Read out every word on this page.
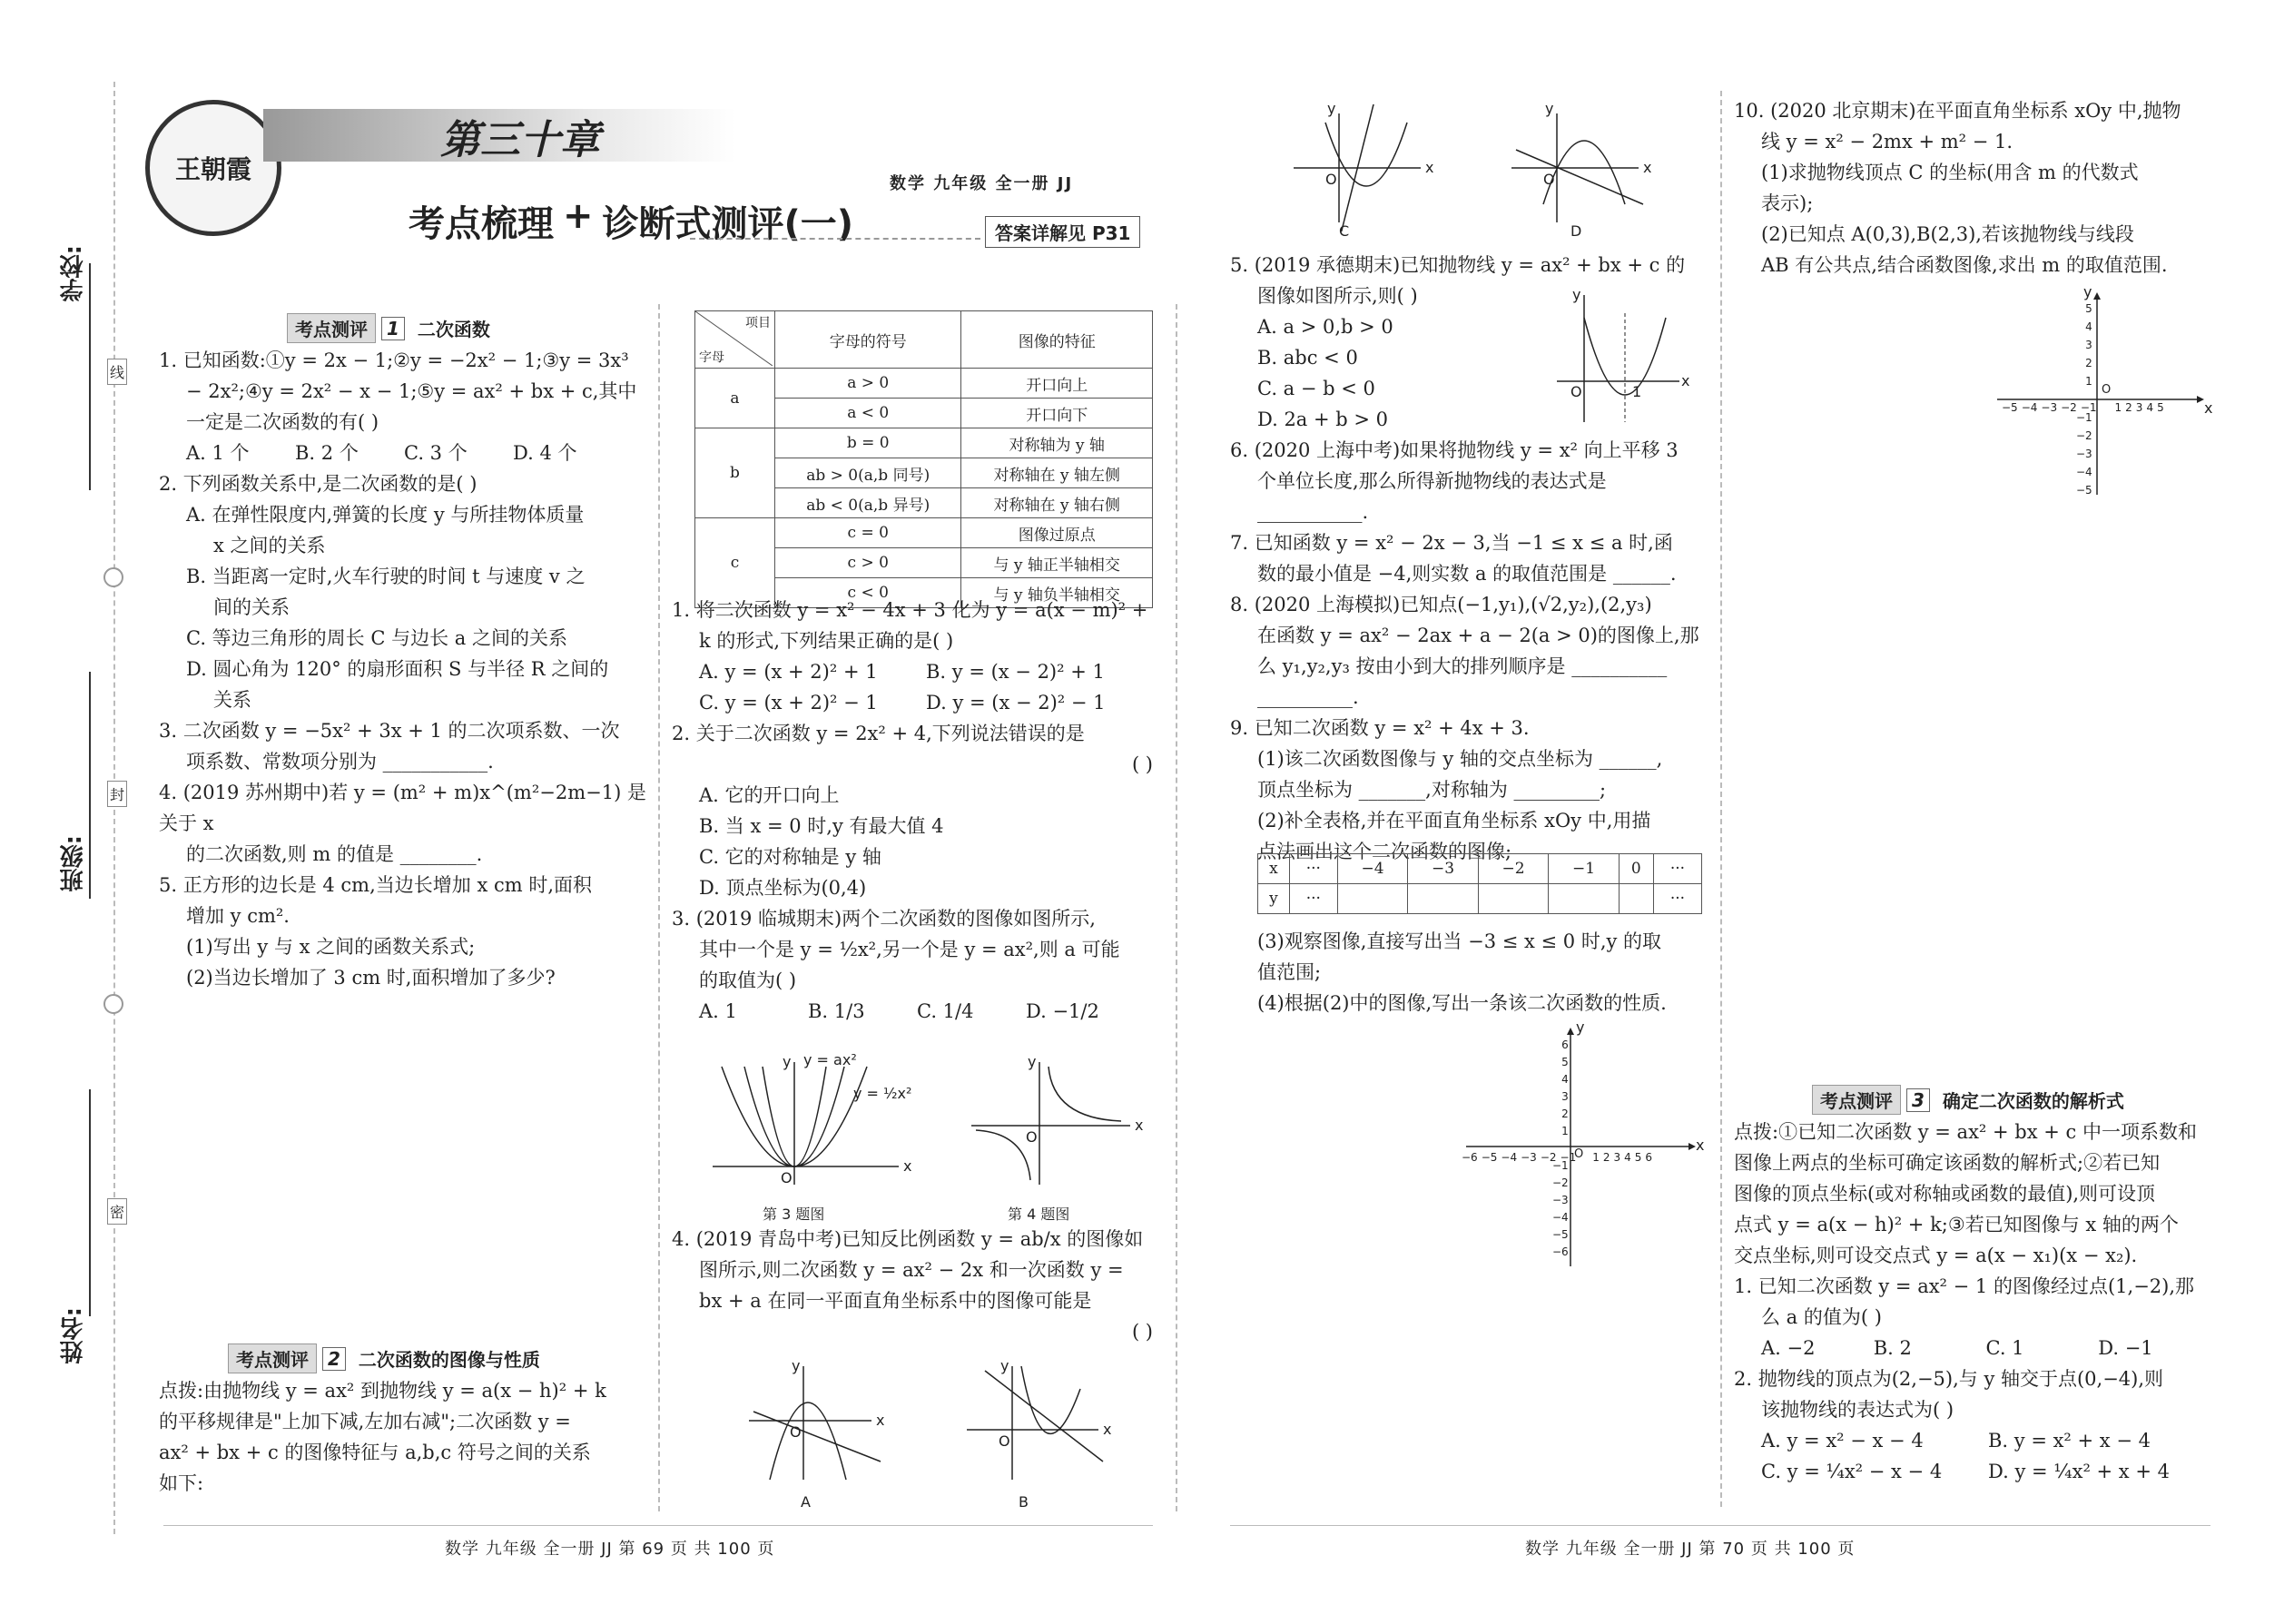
学校:
班级:
姓名:
线
封
密
王朝霞
第三十章
考点梳理 + 诊断式测评(一)
数学 九年级 全一册 JJ
答案详解见 P31
考点测评	1	二次函数

1. 已知函数:①y = 2x − 1;②y = −2x² − 1;③y = 3x³

− 2x²;④y = 2x² − x − 1;⑤y = ax² + bx + c,其中

一定是二次函数的有( )

A. 1 个	B. 2 个	C. 3 个	D. 4 个

2. 下列函数关系中,是二次函数的是( )

A. 在弹性限度内,弹簧的长度 y 与所挂物体质量

x 之间的关系

B. 当距离一定时,火车行驶的时间 t 与速度 v 之

间的关系

C. 等边三角形的周长 C 与边长 a 之间的关系

D. 圆心角为 120° 的扇形面积 S 与半径 R 之间的

关系

3. 二次函数 y = −5x² + 3x + 1 的二次项系数、一次

项系数、常数项分别为 ___________.

4. (2019 苏州期中)若 y = (m² + m)x^(m²−2m−1) 是关于 x

的二次函数,则 m 的值是 ________.

5. 正方形的边长是 4 cm,当边长增加 x cm 时,面积

增加 y cm².

(1)写出 y 与 x 之间的函数关系式;

(2)当边长增加了 3 cm 时,面积增加了多少?

考点测评	2	二次函数的图像与性质

点拨:由抛物线 y = ax² 到抛物线 y = a(x − h)² + k

的平移规律是"上加下减,左加右减";二次函数 y =

ax² + bx + c 的图像特征与 a,b,c 符号之间的关系

如下:

项目
字母	字母的符号	图像的特征
a	a > 0	开口向上
	a < 0	开口向下
b	b = 0	对称轴为 y 轴
	ab > 0(a,b 同号)	对称轴在 y 轴左侧
	ab < 0(a,b 异号)	对称轴在 y 轴右侧
c	c = 0	图像过原点
	c > 0	与 y 轴正半轴相交
	c < 0	与 y 轴负半轴相交

1. 将二次函数 y = x² − 4x + 3 化为 y = a(x − m)² +

k 的形式,下列结果正确的是( )

A. y = (x + 2)² + 1	B. y = (x − 2)² + 1

C. y = (x + 2)² − 1	D. y = (x − 2)² − 1

2. 关于二次函数 y = 2x² + 4,下列说法错误的是

( )

A. 它的开口向上

B. 当 x = 0 时,y 有最大值 4

C. 它的对称轴是 y 轴

D. 顶点坐标为(0,4)

3. (2019 临城期末)两个二次函数的图像如图所示,

其中一个是 y = ½x²,另一个是 y = ax²,则 a 可能

的取值为( )

A. 1	B. 1/3	C. 1/4	D. −1/2

x
y
O
y = ax²
y = ½x²
第 3 题图
x
y
O
第 4 题图

4. (2019 青岛中考)已知反比例函数 y = ab/x 的图像如

图所示,则二次函数 y = ax² − 2x 和一次函数 y =

bx + a 在同一平面直角坐标系中的图像可能是

( )

x
y
O
A
x
y
O
B
x
y
O
C
x
y
O
D

5. (2019 承德期末)已知抛物线 y = ax² + bx + c 的

图像如图所示,则( )

A. a > 0,b > 0

B. abc < 0

C. a − b < 0

D. 2a + b > 0

6. (2020 上海中考)如果将抛物线 y = x² 向上平移 3

个单位长度,那么所得新抛物线的表达式是

___________.

7. 已知函数 y = x² − 2x − 3,当 −1 ≤ x ≤ a 时,函

数的最小值是 −4,则实数 a 的取值范围是 ______.

8. (2020 上海模拟)已知点(−1,y₁),(√2,y₂),(2,y₃)

在函数 y = ax² − 2ax + a − 2(a > 0)的图像上,那

么 y₁,y₂,y₃ 按由小到大的排列顺序是 __________

__________.

9. 已知二次函数 y = x² + 4x + 3.

(1)该二次函数图像与 y 轴的交点坐标为 ______,

顶点坐标为 _______,对称轴为 _________;

(2)补全表格,并在平面直角坐标系 xOy 中,用描

点法画出这个二次函数的图像;

x
y
O	1
x	···	−4	−3	−2	−1	0	···
y	···						···

(3)观察图像,直接写出当 −3 ≤ x ≤ 0 时,y 的取

值范围;

(4)根据(2)中的图像,写出一条该二次函数的性质.

x
y
O
−6 −5 −4 −3 −2 −1 1 2 3 4 5 6
6
5
4
3
2
1
−1
−2
−3
−4
−5
−6

10. (2020 北京期末)在平面直角坐标系 xOy 中,抛物

线 y = x² − 2mx + m² − 1.

(1)求抛物线顶点 C 的坐标(用含 m 的代数式

表示);

(2)已知点 A(0,3),B(2,3),若该抛物线与线段

AB 有公共点,结合函数图像,求出 m 的取值范围.

x
y
O
−5 −4 −3 −2 −1 1 2 3 4 5
5
4
3
2
1
−1
−2
−3
−4
−5
考点测评	3	确定二次函数的解析式

点拨:①已知二次函数 y = ax² + bx + c 中一项系数和

图像上两点的坐标可确定该函数的解析式;②若已知

图像的顶点坐标(或对称轴或函数的最值),则可设顶

点式 y = a(x − h)² + k;③若已知图像与 x 轴的两个

交点坐标,则可设交点式 y = a(x − x₁)(x − x₂).

1. 已知二次函数 y = ax² − 1 的图像经过点(1,−2),那

么 a 的值为( )

A. −2	B. 2	C. 1	D. −1

2. 抛物线的顶点为(2,−5),与 y 轴交于点(0,−4),则

该抛物线的表达式为( )

A. y = x² − x − 4	B. y = x² + x − 4

C. y = ¼x² − x − 4	D. y = ¼x² + x + 4

数学 九年级 全一册 JJ 第 69 页 共 100 页	数学 九年级 全一册 JJ 第 70 页 共 100 页
